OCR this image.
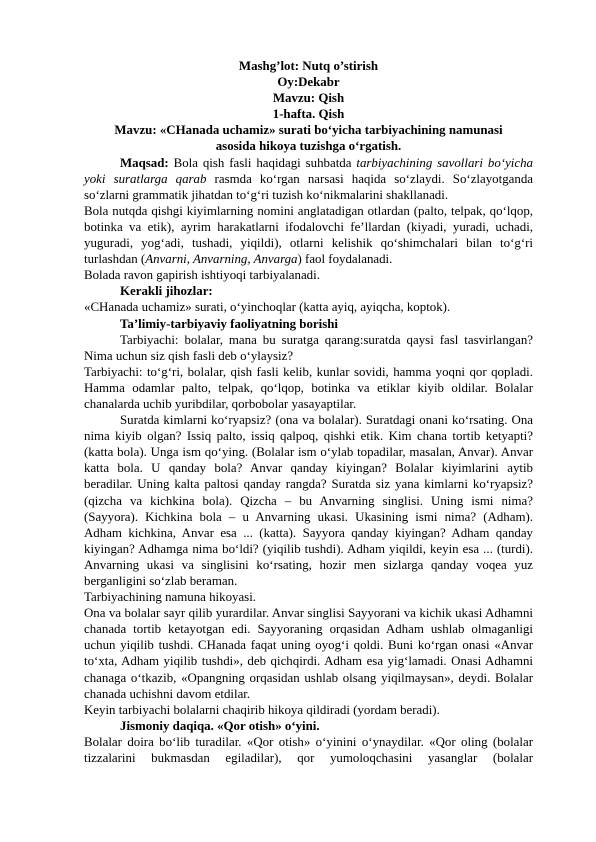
Mashg’lot: Nutq o’stirish

Oy:Dekabr

Mavzu: Qish

1-hafta. Qish

Mavzu: «CHanada uchamiz» surati bo‘yicha tarbiyachining namunasi
asosida hikoya tuzishga o‘rgatish.

Maqsad: Bola qish fasli haqidagi suhbatda tarbiyachining savollari bo‘yicha yoki suratlarga qarab rasmda ko‘rgan narsasi haqida so‘zlaydi. So‘zlayotganda so‘zlarni grammatik jihatdan to‘g‘ri tuzish ko‘nikmalarini shakllanadi.

Bola nutqda qishgi kiyimlarning nomini anglatadigan otlardan (palto, telpak, qo‘lqop, botinka va etik), ayrim harakatlarni ifodalovchi fe’llardan (kiyadi, yuradi, uchadi, yuguradi, yog‘adi, tushadi, yiqildi), otlarni kelishik qo‘shimchalari bilan to‘g‘ri turlashdan (Anvarni, Anvarning, Anvarga) faol foydalanadi.

Bolada ravon gapirish ishtiyoqi tarbiyalanadi.

Kerakli jihozlar:

«CHanada uchamiz» surati, o‘yinchoqlar (katta ayiq, ayiqcha, koptok).

Ta’limiy-tarbiyaviy faoliyatning borishi

Tarbiyachi: bolalar, mana bu suratga qarang:suratda qaysi fasl tasvirlangan? Nima uchun siz qish fasli deb o‘ylaysiz?

Tarbiyachi: to‘g‘ri, bolalar, qish fasli kelib, kunlar sovidi, hamma yoqni qor qopladi. Hamma odamlar palto, telpak, qo‘lqop, botinka va etiklar kiyib oldilar. Bolalar chanalarda uchib yuribdilar, qorbobolar yasayaptilar.

Suratda kimlarni ko‘ryapsiz? (ona va bolalar). Suratdagi onani ko‘rsating. Ona nima kiyib olgan? Issiq palto, issiq qalpoq, qishki etik. Kim chana tortib ketyapti? (katta bola). Unga ism qo‘ying. (Bolalar ism o‘ylab topadilar, masalan, Anvar). Anvar katta bola. U qanday bola? Anvar qanday kiyingan? Bolalar kiyimlarini aytib beradilar. Uning kalta paltosi qanday rangda? Suratda siz yana kimlarni ko‘ryapsiz? (qizcha va kichkina bola). Qizcha – bu Anvarning singlisi. Uning ismi nima? (Sayyora). Kichkina bola – u Anvarning ukasi. Ukasining ismi nima? (Adham). Adham kichkina, Anvar esa ... (katta). Sayyora qanday kiyingan? Adham qanday kiyingan? Adhamga nima bo‘ldi? (yiqilib tushdi). Adham yiqildi, keyin esa ... (turdi). Anvarning ukasi va singlisini ko‘rsating, hozir men sizlarga qanday voqea yuz berganligini so‘zlab beraman.

Tarbiyachining namuna hikoyasi.

Ona va bolalar sayr qilib yurardilar. Anvar singlisi Sayyorani va kichik ukasi Adhamni chanada tortib ketayotgan edi. Sayyoraning orqasidan Adham ushlab olmaganligi uchun yiqilib tushdi. CHanada faqat uning oyog‘i qoldi. Buni ko‘rgan onasi «Anvar to‘xta, Adham yiqilib tushdi», deb qichqirdi. Adham esa yig‘lamadi. Onasi Adhamni chanaga o‘tkazib, «Opangning orqasidan ushlab olsang yiqilmaysan», deydi. Bolalar chanada uchishni davom etdilar.

Keyin tarbiyachi bolalarni chaqirib hikoya qildiradi (yordam beradi).

Jismoniy daqiqa. «Qor otish» o‘yini.

Bolalar doira bo‘lib turadilar. «Qor otish» o‘yinini o‘ynaydilar. «Qor oling (bolalar tizzalarini bukmasdan egiladilar), qor yumoloqchasini yasanglar (bolalar
